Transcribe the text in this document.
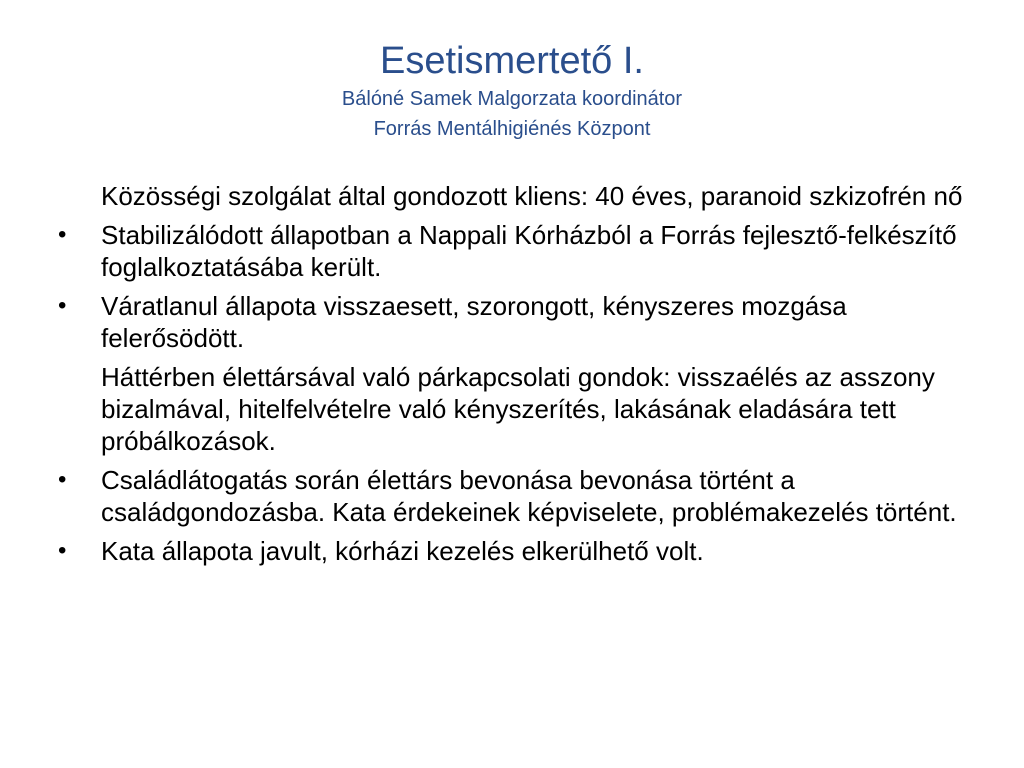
Esetismertető I.
Bálóné Samek Malgorzata koordinátor
Forrás Mentálhigiénés Központ
Közösségi szolgálat által gondozott kliens: 40 éves, paranoid szkizofrén nő
•	Stabilizálódott állapotban a Nappali Kórházból a Forrás fejlesztő-felkészítő foglalkoztatásába került.
•	Váratlanul állapota visszaesett, szorongott, kényszeres mozgása felerősödött.
Háttérben élettársával való párkapcsolati gondok: visszaélés az asszony bizalmával, hitelfelvételre való kényszerítés, lakásának eladására tett próbálkozások.
•	Családlátogatás során élettárs bevonása bevonása történt a családgondozásba. Kata érdekeinek képviselete, problémakezelés történt.
•	Kata állapota javult, kórházi kezelés elkerülhető volt.
